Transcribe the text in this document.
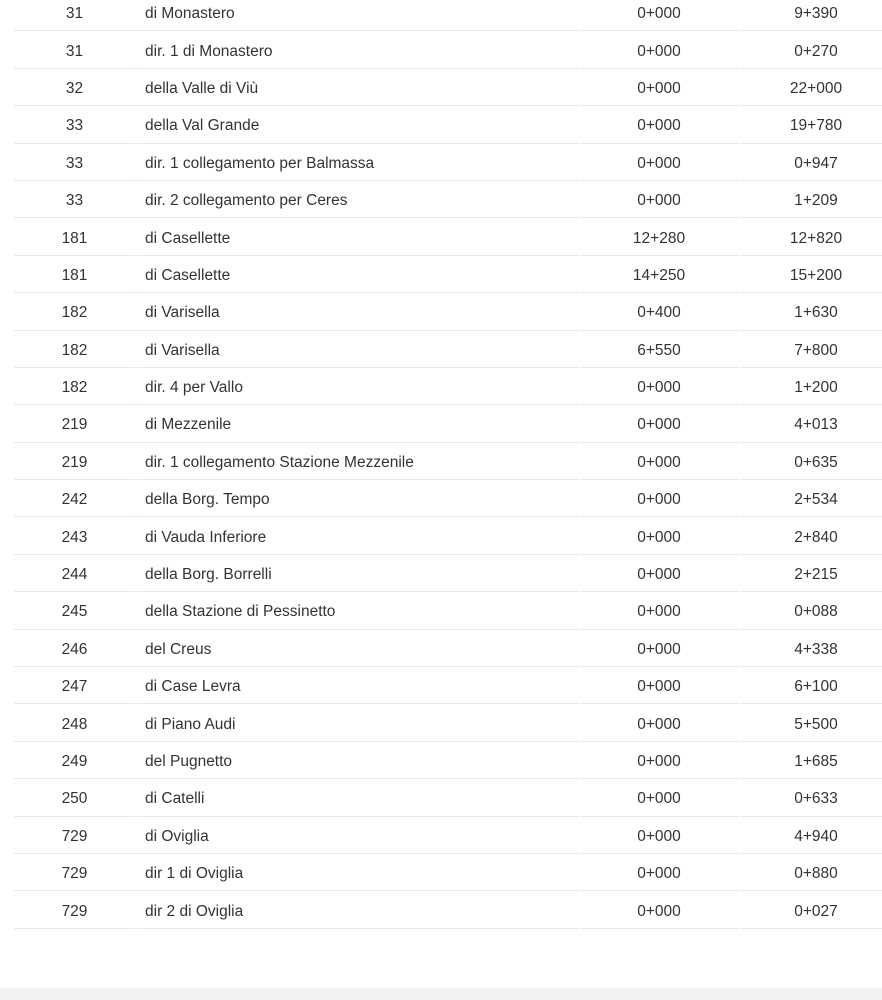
31	di Monastero	0+000	9+390
31	dir. 1 di Monastero	0+000	0+270
32	della Valle di Viù	0+000	22+000
33	della Val Grande	0+000	19+780
33	dir. 1 collegamento per Balmassa	0+000	0+947
33	dir. 2 collegamento per Ceres	0+000	1+209
181	di Casellette	12+280	12+820
181	di Casellette	14+250	15+200
182	di Varisella	0+400	1+630
182	di Varisella	6+550	7+800
182	dir. 4 per Vallo	0+000	1+200
219	di Mezzenile	0+000	4+013
219	dir. 1 collegamento Stazione Mezzenile	0+000	0+635
242	della Borg. Tempo	0+000	2+534
243	di Vauda Inferiore	0+000	2+840
244	della Borg. Borrelli	0+000	2+215
245	della Stazione di Pessinetto	0+000	0+088
246	del Creus	0+000	4+338
247	di Case Levra	0+000	6+100
248	di Piano Audi	0+000	5+500
249	del Pugnetto	0+000	1+685
250	di Catelli	0+000	0+633
729	di Oviglia	0+000	4+940
729	dir 1 di Oviglia	0+000	0+880
729	dir 2 di Oviglia	0+000	0+027
